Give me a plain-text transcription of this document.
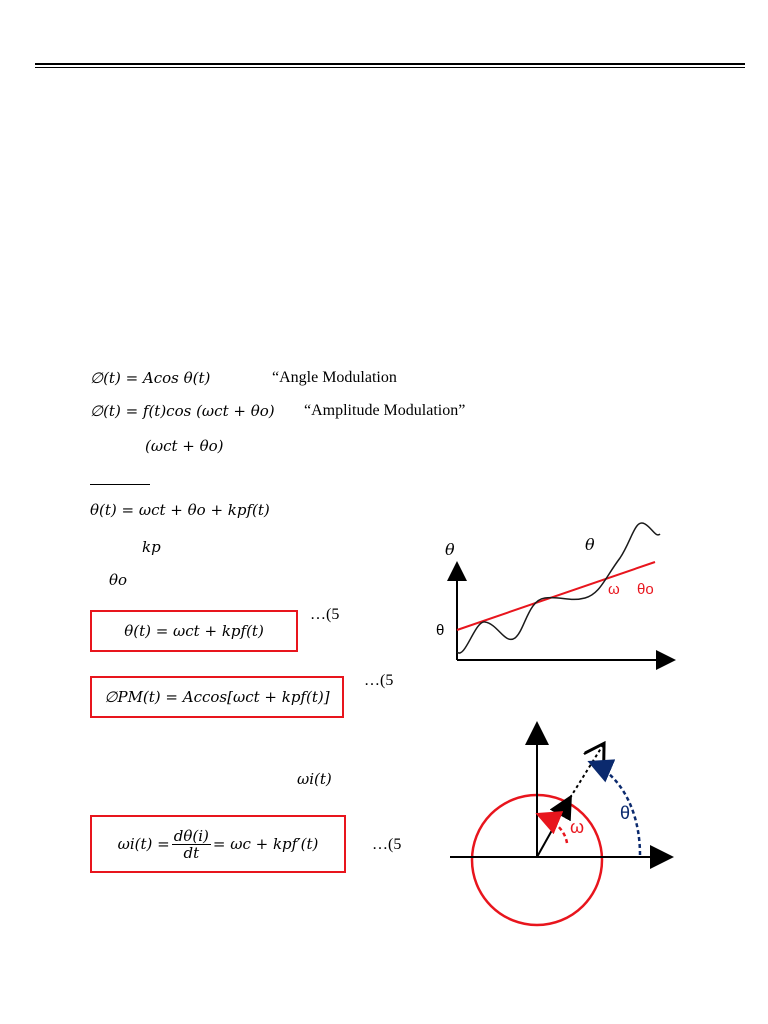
∅(t) = Acos θ(t)	“Angle Modulation
∅(t) = f(t)cos (ωct + θo) “Amplitude Modulation”
(ωct + θo)
θ(t) = ωct + θo + kpf(t)
kp
θo
θ(t) = ωct + kpf(t)
…(5
∅PM(t) = Accos[ωct + kpf(t)]
…(5
ωi(t)
$\omega i(t) = \frac{d\theta(i)}{dt} = \omega c + kpf'(t)$	…(5
θ	θ
ω θo
θ
ω
θ
